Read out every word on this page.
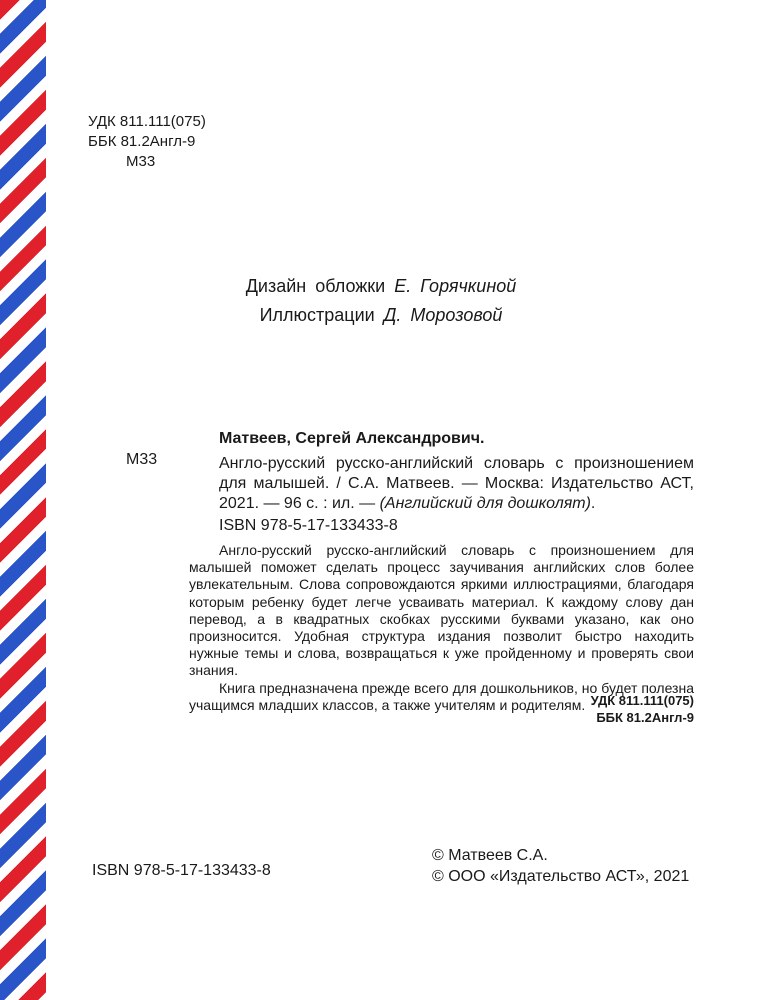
УДК 811.111(075)
ББК 81.2Англ-9
М33
Дизайн обложки Е. Горячкиной
Иллюстрации Д. Морозовой
Матвеев, Сергей Александрович.
М33	Англо-русский русско-английский словарь с произношением для малышей. / С.А. Матвеев. — Москва: Издательство АСТ, 2021. — 96 с. : ил. — (Английский для дошколят).
ISBN 978-5-17-133433-8

Англо-русский русско-английский словарь с произношением для малышей поможет сделать процесс заучивания английских слов более увлекательным. Слова сопровождаются яркими иллюстрациями, благодаря которым ребенку будет легче усваивать материал. К каждому слову дан перевод, а в квадратных скобках русскими буквами указано, как оно произносится. Удобная структура издания позволит быстро находить нужные темы и слова, возвращаться к уже пройденному и проверять свои знания.

Книга предназначена прежде всего для дошкольников, но будет полезна учащимся младших классов, а также учителям и родителям. УДК 811.111(075)
ББК 81.2Англ-9
ISBN 978-5-17-133433-8
© Матвеев С.А.
© ООО «Издательство АСТ», 2021
